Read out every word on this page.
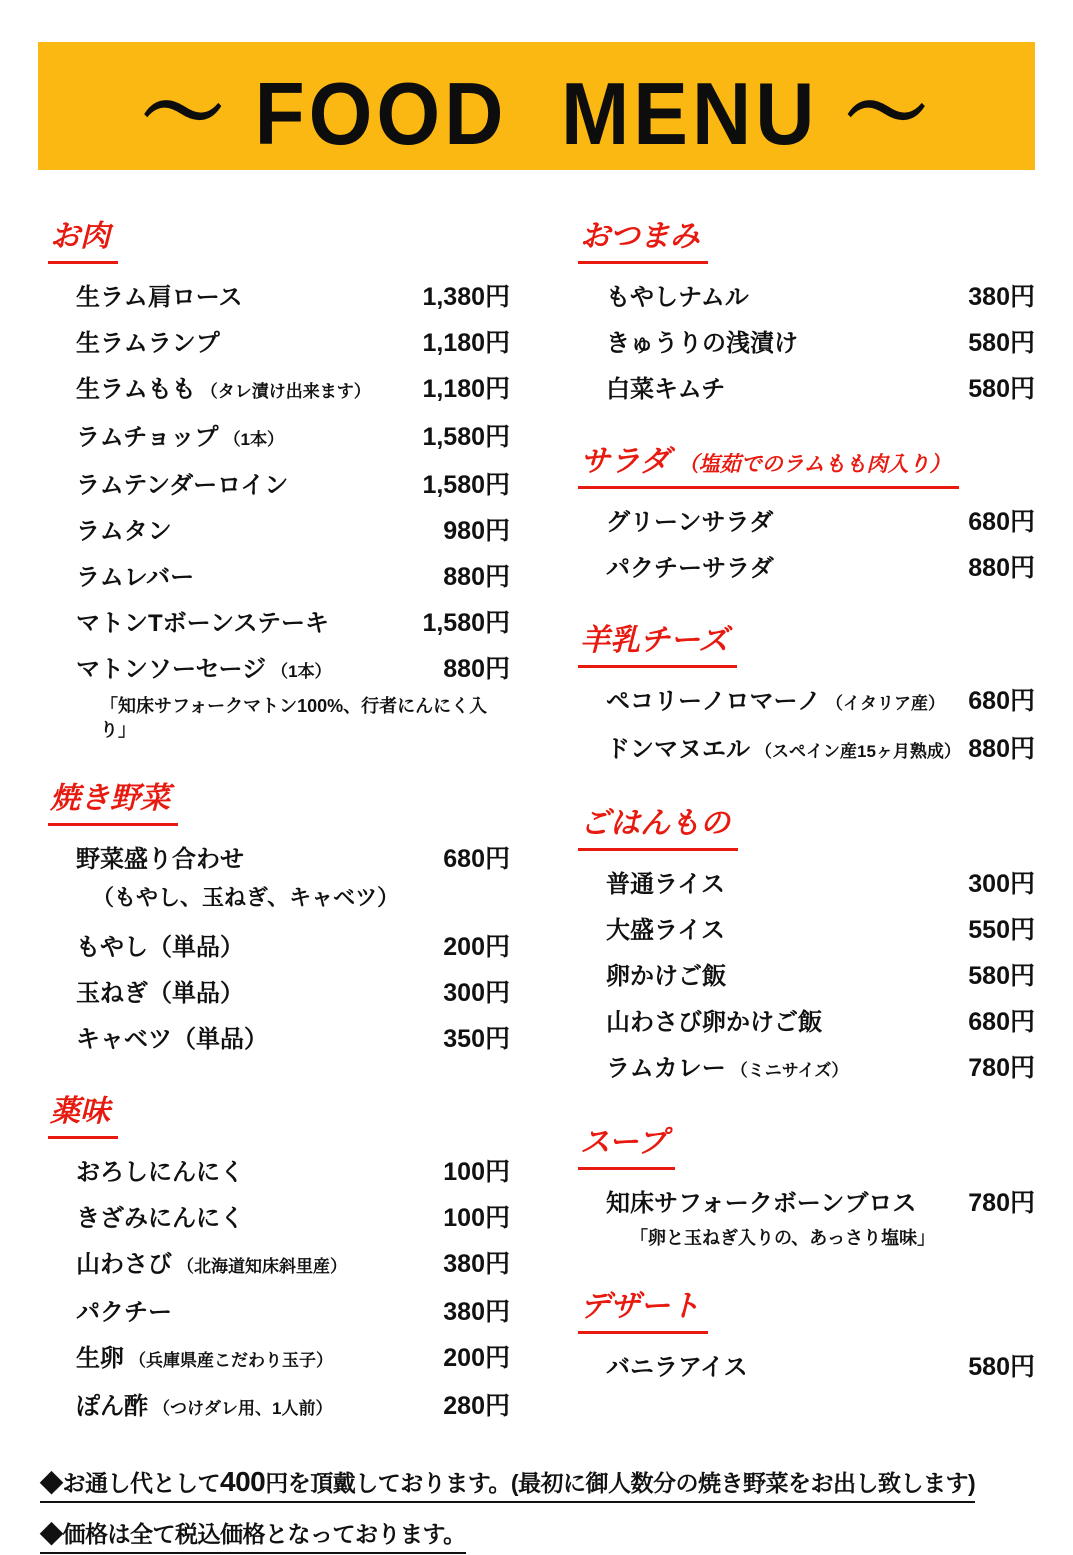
～ FOOD  MENU ～
お肉
生ラム肩ロース	1,380円
生ラムランプ	1,180円
生ラムもも （タレ漬け出来ます） 1,180円
ラムチョップ （1本）	1,580円
ラムテンダーロイン	1,580円
ラムタン	980円
ラムレバー	880円
マトンTボーンステーキ	1,580円
マトンソーセージ （1本）	880円
「知床サフォークマトン100%、行者にんにく入り」
焼き野菜
野菜盛り合わせ	680円
（もやし、玉ねぎ、キャベツ）
もやし（単品）	200円
玉ねぎ（単品）	300円
キャベツ（単品）	350円
薬味
おろしにんにく	100円
きざみにんにく	100円
山わさび （北海道知床斜里産）	380円
パクチー	380円
生卵 （兵庫県産こだわり玉子）	200円
ぽん酢 （つけダレ用、1人前）	280円
おつまみ
もやしナムル	380円
きゅうりの浅漬け	580円
白菜キムチ	580円
サラダ （塩茹でのラムもも肉入り）
グリーンサラダ	680円
パクチーサラダ	880円
羊乳チーズ
ペコリーノロマーノ （イタリア産） 680円
ドンマヌエル （スペイン産15ヶ月熟成） 880円
ごはんもの
普通ライス	300円
大盛ライス	550円
卵かけご飯	580円
山わさび卵かけご飯	680円
ラムカレー （ミニサイズ）	780円
スープ
知床サフォークボーンブロス 780円
「卵と玉ねぎ入りの、あっさり塩味」
デザート
バニラアイス	580円
◆お通し代として400円を頂戴しております。(最初に御人数分の焼き野菜をお出し致します)
◆価格は全て税込価格となっております。
